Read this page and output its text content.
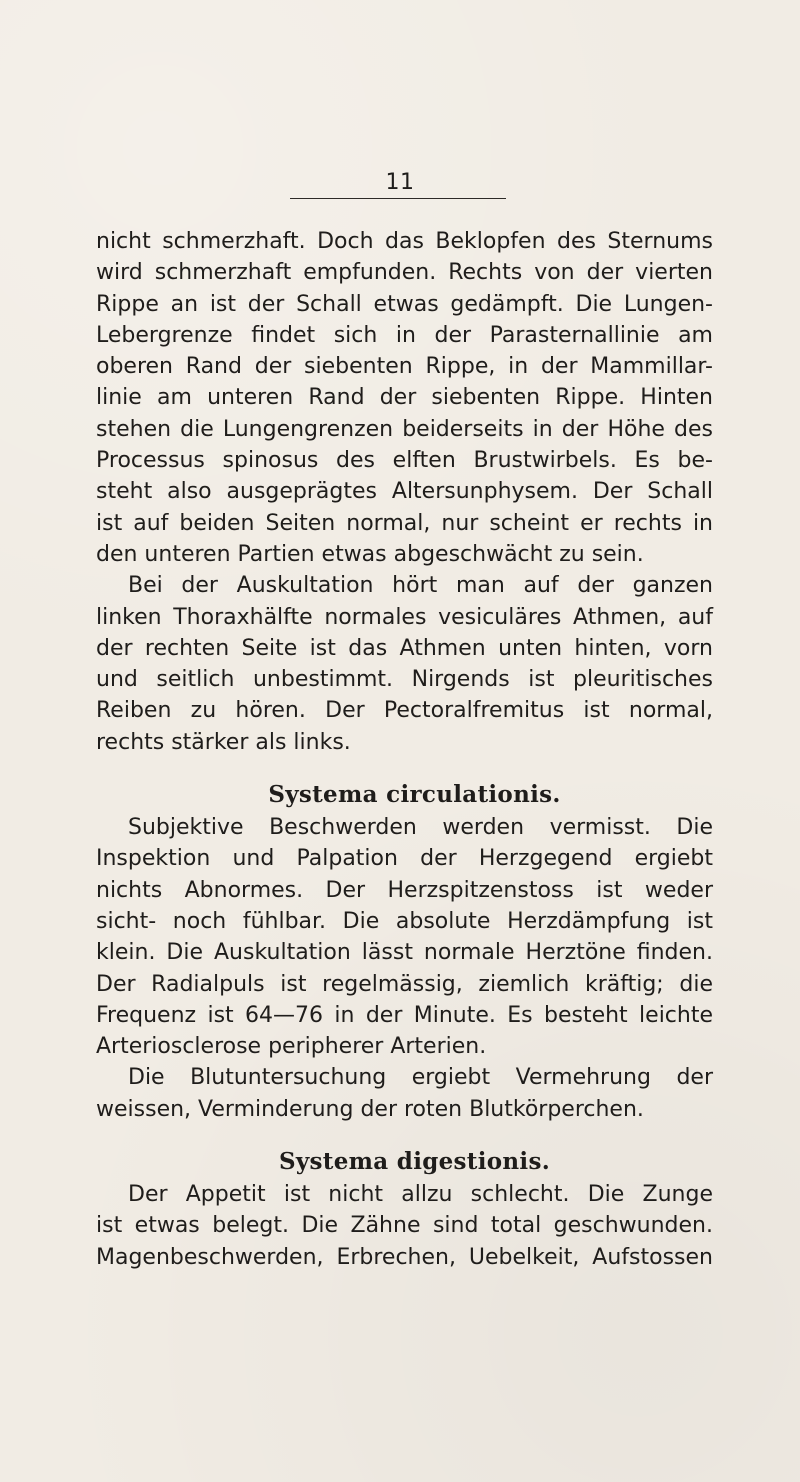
11
nicht schmerzhaft. Doch das Beklopfen des Sternums
wird schmerzhaft empfunden. Rechts von der vierten
Rippe an ist der Schall etwas gedämpft. Die Lungen-
Lebergrenze findet sich in der Parasternallinie am
oberen Rand der siebenten Rippe, in der Mammillar-
linie am unteren Rand der siebenten Rippe. Hinten
stehen die Lungengrenzen beiderseits in der Höhe des
Processus spinosus des elften Brustwirbels. Es be-
steht also ausgeprägtes Altersunphysem. Der Schall
ist auf beiden Seiten normal, nur scheint er rechts in
den unteren Partien etwas abgeschwächt zu sein.
Bei der Auskultation hört man auf der ganzen
linken Thoraxhälfte normales vesiculäres Athmen, auf
der rechten Seite ist das Athmen unten hinten, vorn
und seitlich unbestimmt. Nirgends ist pleuritisches
Reiben zu hören. Der Pectoralfremitus ist normal,
rechts stärker als links.
Systema circulationis.
Subjektive Beschwerden werden vermisst. Die
Inspektion und Palpation der Herzgegend ergiebt
nichts Abnormes. Der Herzspitzenstoss ist weder
sicht- noch fühlbar. Die absolute Herzdämpfung ist
klein. Die Auskultation lässt normale Herztöne finden.
Der Radialpuls ist regelmässig, ziemlich kräftig; die
Frequenz ist 64—76 in der Minute. Es besteht leichte
Arteriosclerose peripherer Arterien.
Die Blutuntersuchung ergiebt Vermehrung der
weissen, Verminderung der roten Blutkörperchen.
Systema digestionis.
Der Appetit ist nicht allzu schlecht. Die Zunge
ist etwas belegt. Die Zähne sind total geschwunden.
Magenbeschwerden, Erbrechen, Uebelkeit, Aufstossen
